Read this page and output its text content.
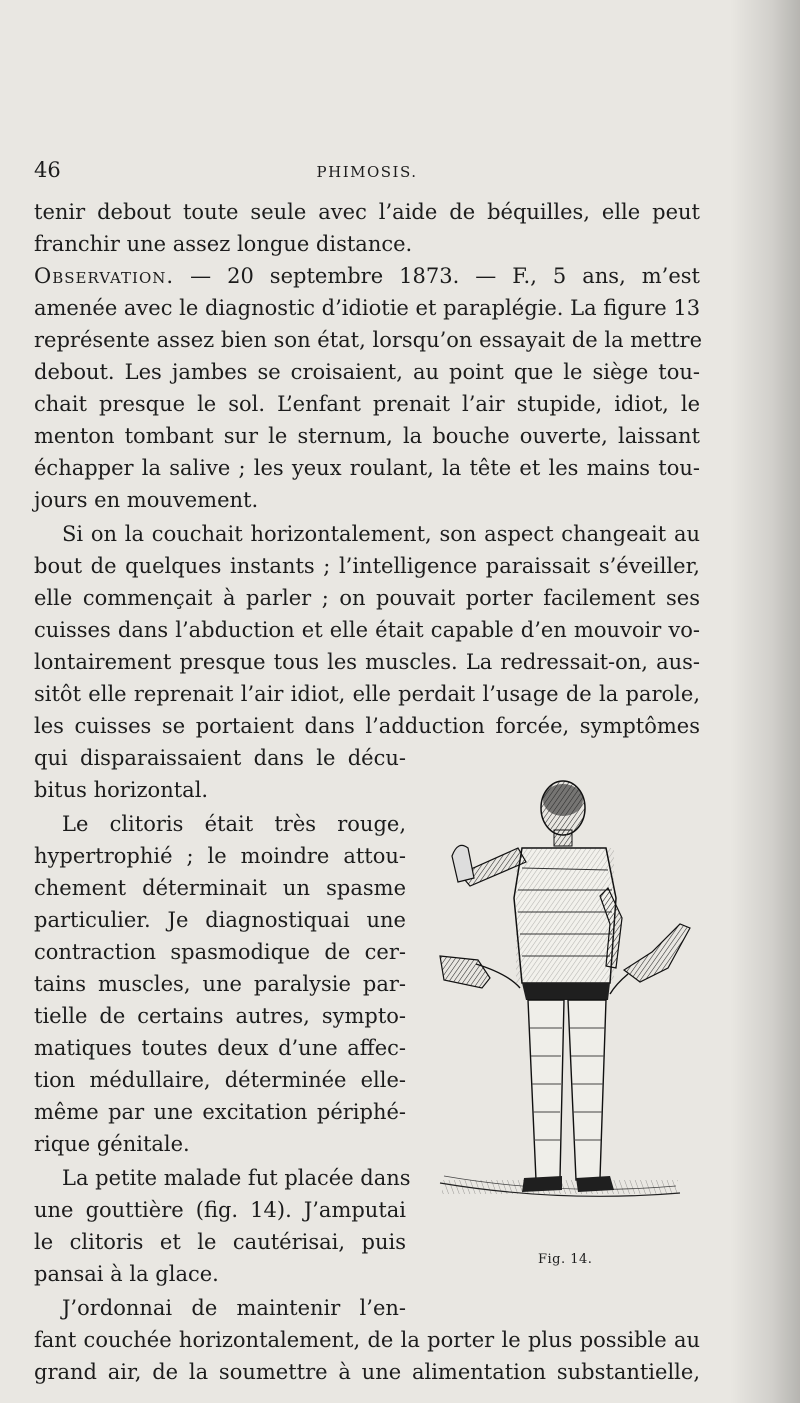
46	PHIMOSIS.
tenir debout toute seule avec l’aide de béquilles, elle peut
franchir une assez longue distance.
Observation. — 20 septembre 1873. — F., 5 ans, m’est
amenée avec le diagnostic d’idiotie et paraplégie. La figure 13
représente assez bien son état, lorsqu’on essayait de la mettre
debout. Les jambes se croisaient, au point que le siège tou-
chait presque le sol. L’enfant prenait l’air stupide, idiot, le
menton tombant sur le sternum, la bouche ouverte, laissant
échapper la salive ; les yeux roulant, la tête et les mains tou-
jours en mouvement.
Si on la couchait horizontalement, son aspect changeait au
bout de quelques instants ; l’intelligence paraissait s’éveiller,
elle commençait à parler ; on pouvait porter facilement ses
cuisses dans l’abduction et elle était capable d’en mouvoir vo-
lontairement presque tous les muscles. La redressait-on, aus-
sitôt elle reprenait l’air idiot, elle perdait l’usage de la parole,
les cuisses se portaient dans l’adduction forcée, symptômes
qui disparaissaient dans le décu-
bitus horizontal.
Le clitoris était très rouge,
hypertrophié ; le moindre attou-
chement déterminait un spasme
particulier. Je diagnostiquai une
contraction spasmodique de cer-
tains muscles, une paralysie par-
tielle de certains autres, sympto-
matiques toutes deux d’une affec-
tion médullaire, déterminée elle-
même par une excitation périphé-
rique génitale.
La petite malade fut placée dans
une gouttière (fig. 14). J’amputai
le clitoris et le cautérisai, puis
pansai à la glace.
J’ordonnai de maintenir l’en-
fant couchée horizontalement, de la porter le plus possible au
grand air, de la soumettre à une alimentation substantielle,
Fig. 14.
